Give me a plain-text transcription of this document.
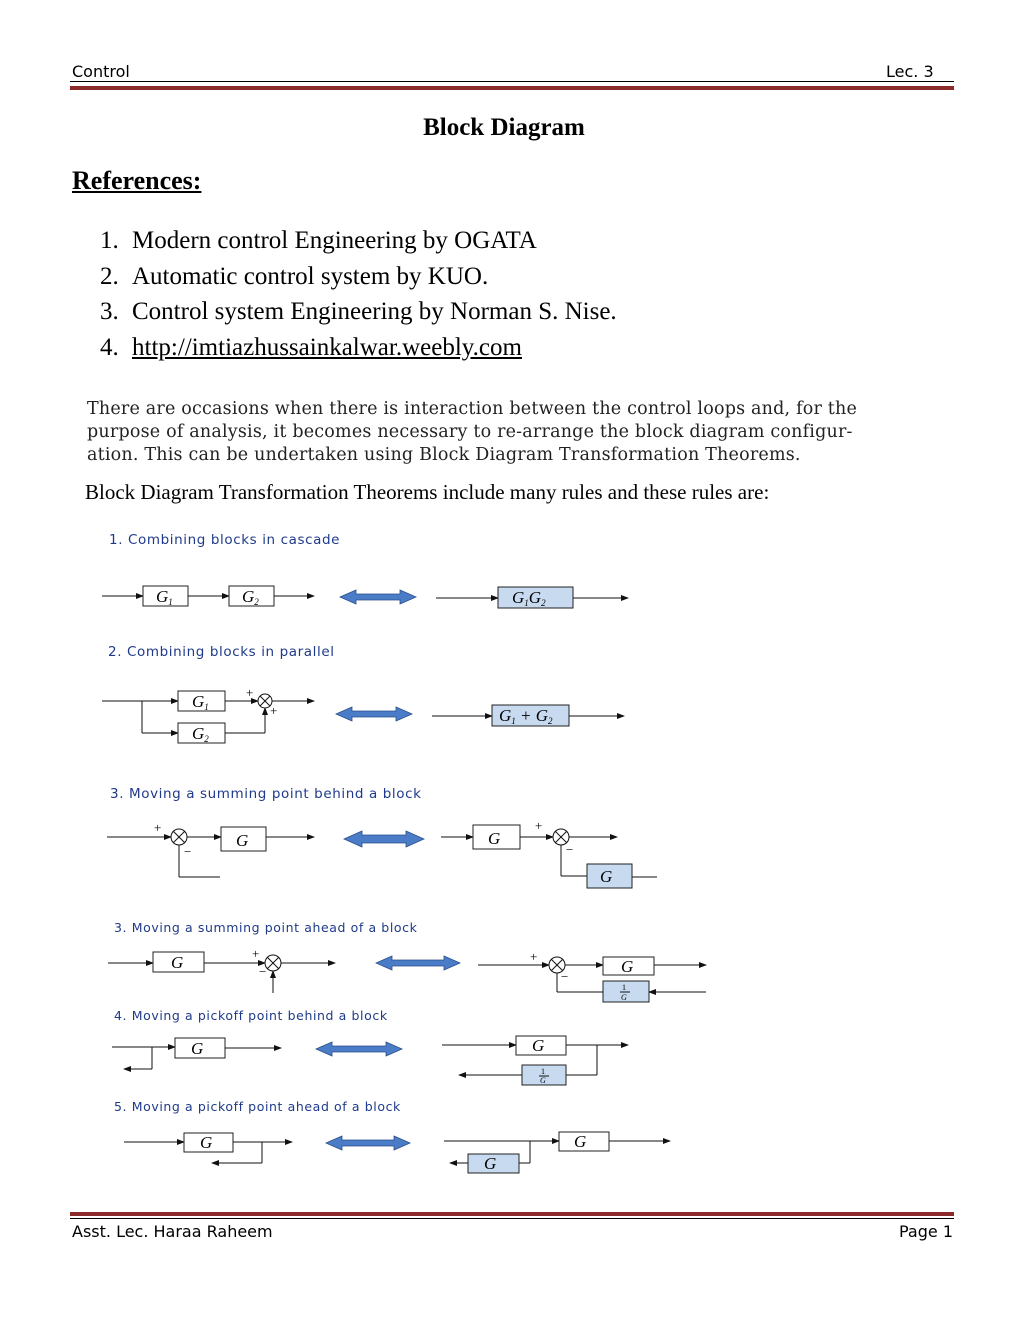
Control	Lec. 3
Block Diagram
References:
1. Modern control Engineering by OGATA
2. Automatic control system by KUO.
3. Control system Engineering by Norman S. Nise.
4. http://imtiazhussainkalwar.weebly.com
There are occasions when there is interaction between the control loops and, for the
purpose of analysis, it becomes necessary to re-arrange the block diagram configur-
ation. This can be undertaken using Block Diagram Transformation Theorems.
Block Diagram Transformation Theorems include many rules and these rules are:
1. Combining blocks in cascade
2. Combining blocks in parallel
3. Moving a summing point behind a block
3. Moving a summing point ahead of a block
4. Moving a pickoff point behind a block
5. Moving a pickoff point ahead of a block
G1	G2	G1G2
G1
G2
+
+	G1 + G2
+
−
G	G
+
−
G
G	+
−
+
−
G
1
G
G	G
1
G
G	G
G
Asst. Lec. Haraa Raheem	Page 1
